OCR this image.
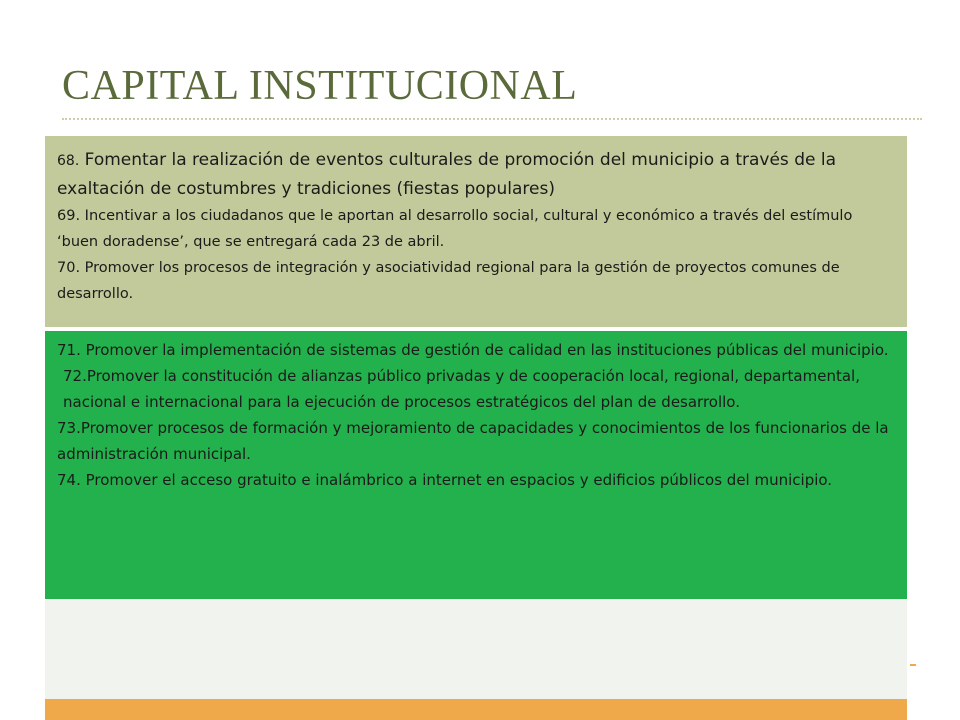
CAPITAL INSTITUCIONAL

68. Fomentar la realización de eventos culturales de promoción del municipio a través de la exaltación de costumbres y tradiciones (fiestas populares)

69. Incentivar a los ciudadanos que le aportan al desarrollo social, cultural y económico a través del estímulo ‘buen doradense’, que se entregará cada 23 de abril.

70. Promover los procesos de integración y asociatividad regional para la gestión de proyectos comunes de desarrollo.

71. Promover la implementación de sistemas de gestión de calidad en las instituciones públicas del municipio.

72.Promover la constitución de alianzas público privadas y de cooperación local, regional, departamental, nacional e internacional para la ejecución de procesos estratégicos del plan de desarrollo.

73.Promover procesos de formación y mejoramiento de capacidades y conocimientos de los funcionarios de la administración municipal.

74. Promover el acceso gratuito e inalámbrico a internet en espacios y edificios públicos del municipio.
